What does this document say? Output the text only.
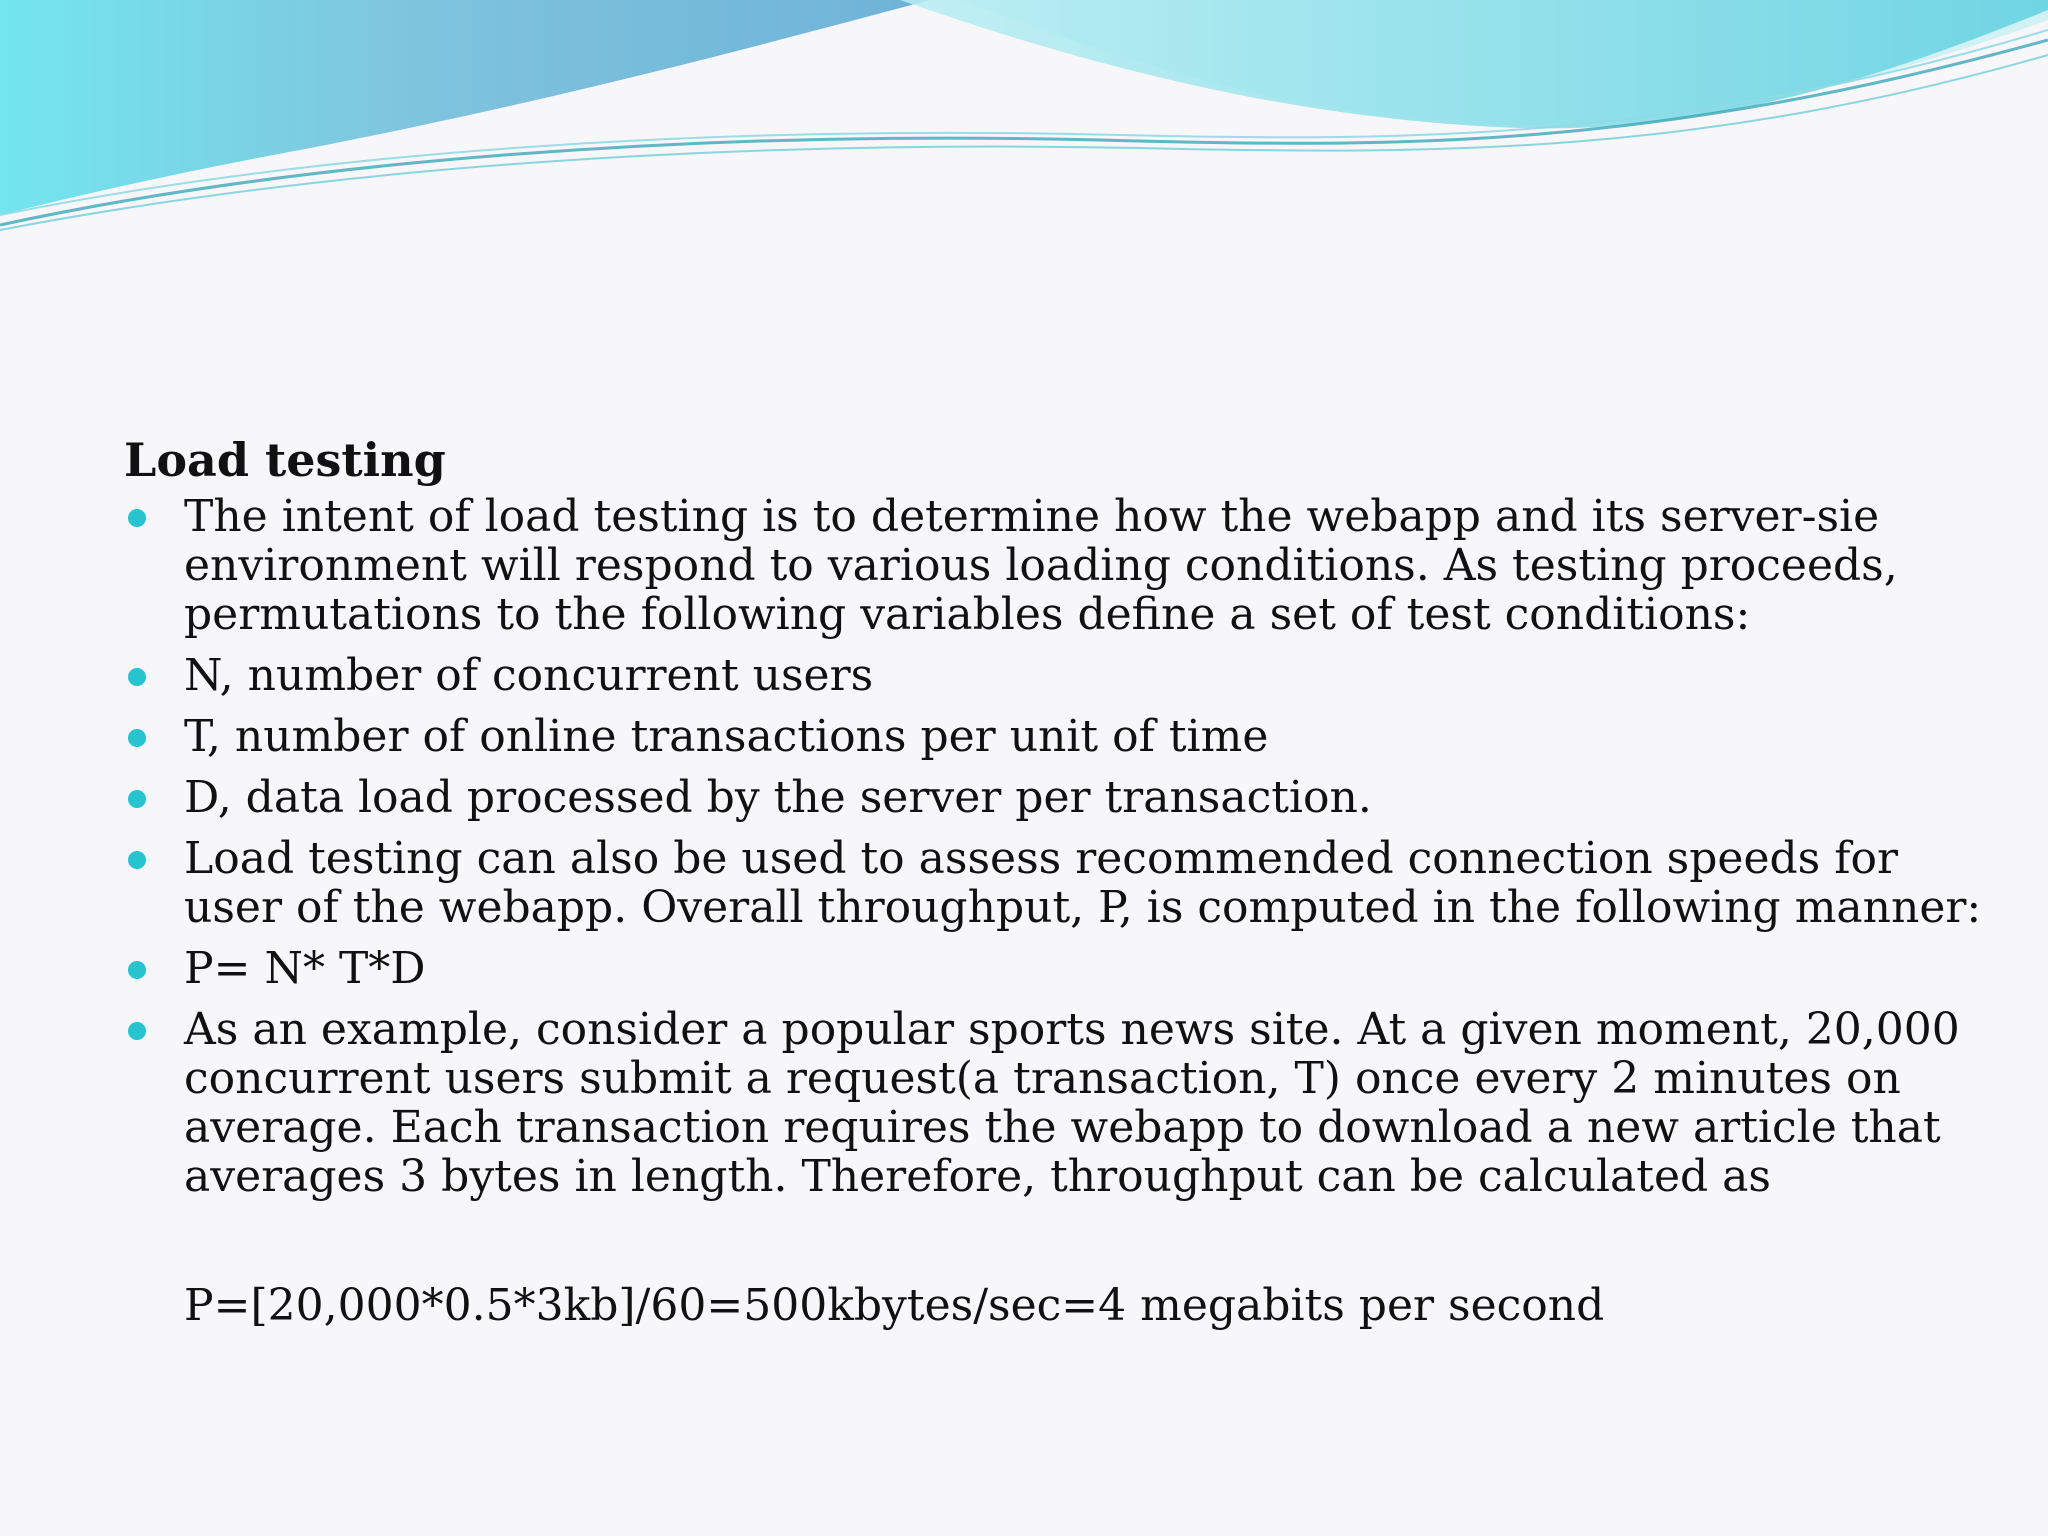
Load testing
The intent of load testing is to determine how the webapp and its server-sie environment will respond to various loading conditions. As testing proceeds, permutations to the following variables define a set of test conditions:
N, number of concurrent users
T, number of online transactions per unit of time
D, data load processed by the server per transaction.
Load testing can also be used to assess recommended connection speeds for user of the webapp. Overall throughput, P, is computed in the following manner:
P= N* T*D
As an example, consider a popular sports news site. At a given moment, 20,000 concurrent users submit a request(a transaction, T) once every 2 minutes on average. Each transaction requires the webapp to download a new article that averages 3 bytes in length. Therefore, throughput can be calculated as
P=[20,000*0.5*3kb]/60=500kbytes/sec=4 megabits per second
